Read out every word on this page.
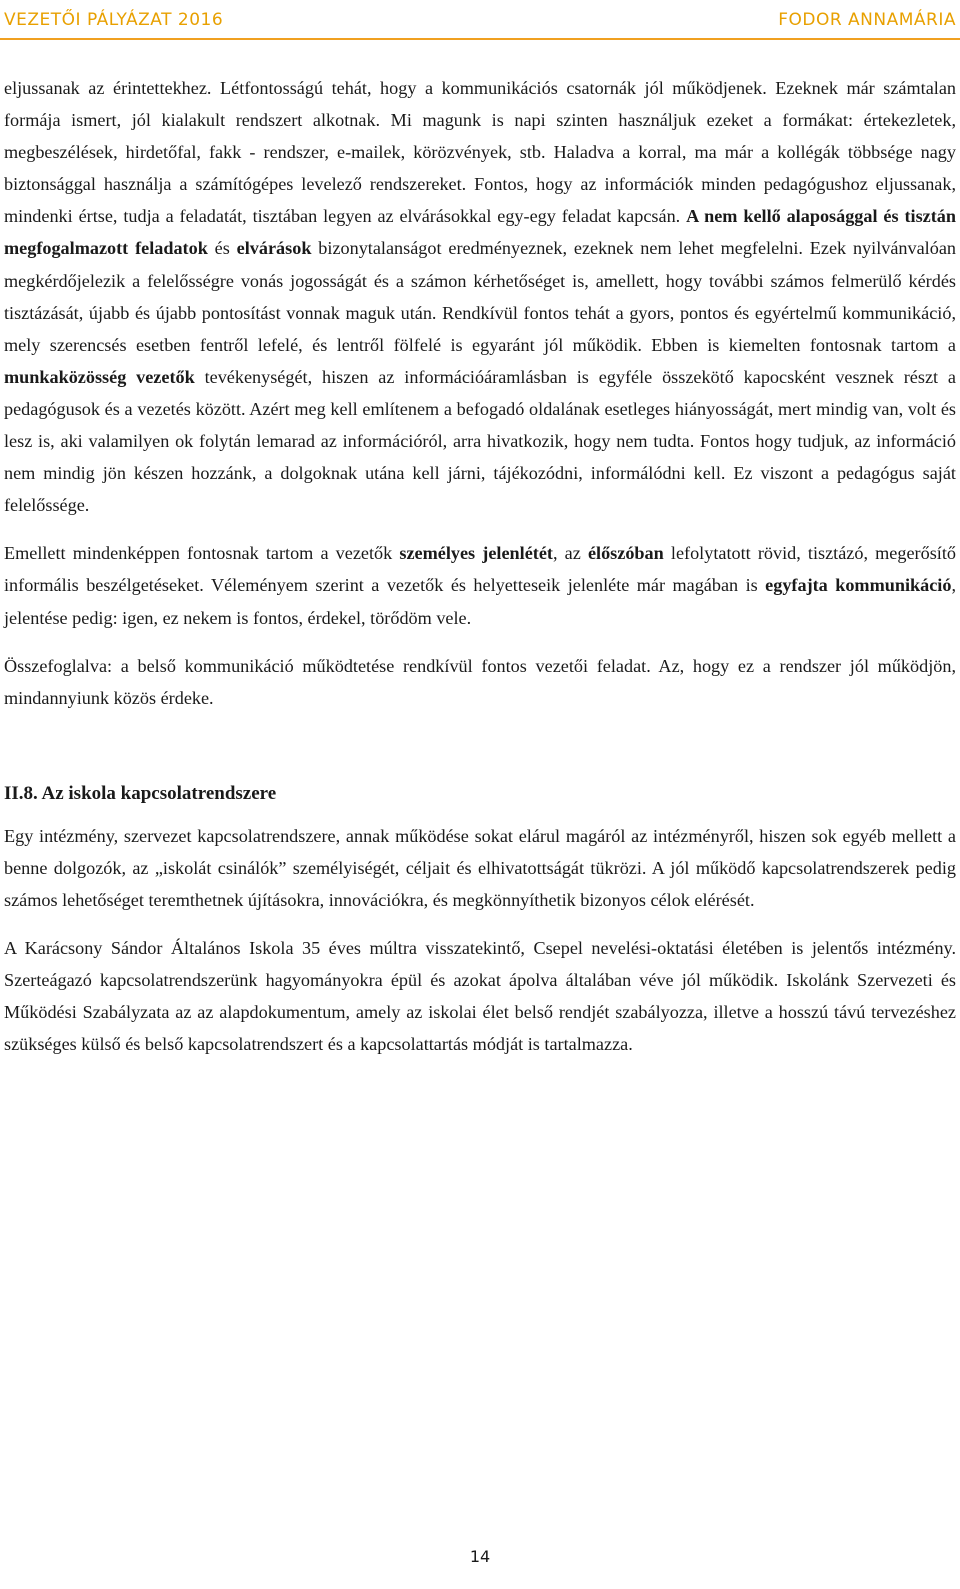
VEZETŐI PÁLYÁZAT 2016	FODOR ANNAMÁRIA

eljussanak az érintettekhez. Létfontosságú tehát, hogy a kommunikációs csatornák jól működjenek. Ezeknek már számtalan formája ismert, jól kialakult rendszert alkotnak. Mi magunk is napi szinten használjuk ezeket a formákat: értekezletek, megbeszélések, hirdetőfal, fakk - rendszer, e-mailek, körözvények, stb. Haladva a korral, ma már a kollégák többsége nagy biztonsággal használja a számítógépes levelező rendszereket. Fontos, hogy az információk minden pedagógushoz eljussanak, mindenki értse, tudja a feladatát, tisztában legyen az elvárásokkal egy-egy feladat kapcsán. A nem kellő alaposággal és tisztán megfogalmazott feladatok és elvárások bizonytalanságot eredményeznek, ezeknek nem lehet megfelelni. Ezek nyilvánvalóan megkérdőjelezik a felelősségre vonás jogosságát és a számon kérhetőséget is, amellett, hogy további számos felmerülő kérdés tisztázását, újabb és újabb pontosítást vonnak maguk után. Rendkívül fontos tehát a gyors, pontos és egyértelmű kommunikáció, mely szerencsés esetben fentről lefelé, és lentről fölfelé is egyaránt jól működik. Ebben is kiemelten fontosnak tartom a munkaközösség vezetők tevékenységét, hiszen az információáramlásban is egyféle összekötő kapocsként vesznek részt a pedagógusok és a vezetés között. Azért meg kell említenem a befogadó oldalának esetleges hiányosságát, mert mindig van, volt és lesz is, aki valamilyen ok folytán lemarad az információról, arra hivatkozik, hogy nem tudta. Fontos hogy tudjuk, az információ nem mindig jön készen hozzánk, a dolgoknak utána kell járni, tájékozódni, informálódni kell. Ez viszont a pedagógus saját felelőssége.

Emellett mindenképpen fontosnak tartom a vezetők személyes jelenlétét, az élőszóban lefolytatott rövid, tisztázó, megerősítő informális beszélgetéseket. Véleményem szerint a vezetők és helyetteseik jelenléte már magában is egyfajta kommunikáció, jelentése pedig: igen, ez nekem is fontos, érdekel, törődöm vele.

Összefoglalva: a belső kommunikáció működtetése rendkívül fontos vezetői feladat. Az, hogy ez a rendszer jól működjön, mindannyiunk közös érdeke.

II.8. Az iskola kapcsolatrendszere

Egy intézmény, szervezet kapcsolatrendszere, annak működése sokat elárul magáról az intézményről, hiszen sok egyéb mellett a benne dolgozók, az „iskolát csinálók” személyiségét, céljait és elhivatottságát tükrözi. A jól működő kapcsolatrendszerek pedig számos lehetőséget teremthetnek újításokra, innovációkra, és megkönnyíthetik bizonyos célok elérését.

A Karácsony Sándor Általános Iskola 35 éves múltra visszatekintő, Csepel nevelési-oktatási életében is jelentős intézmény. Szerteágazó kapcsolatrendszerünk hagyományokra épül és azokat ápolva általában véve jól működik. Iskolánk Szervezeti és Működési Szabályzata az az alapdokumentum, amely az iskolai élet belső rendjét szabályozza, illetve a hosszú távú tervezéshez szükséges külső és belső kapcsolatrendszert és a kapcsolattartás módját is tartalmazza.

14
